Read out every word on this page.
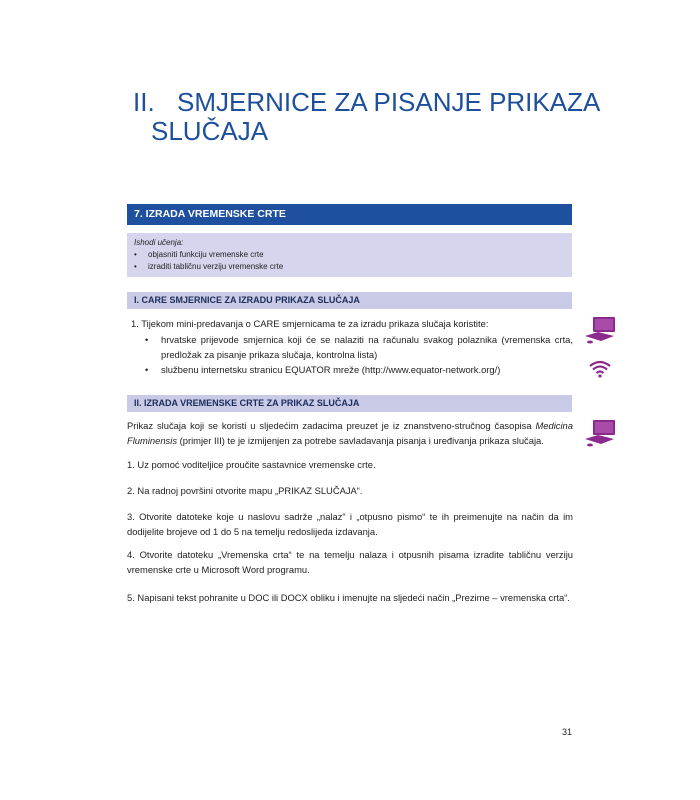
II. SMJERNICE ZA PISANJE PRIKAZA
SLUČAJA
7. IZRADA VREMENSKE CRTE
Ishodi učenja:
• objasniti funkciju vremenske crte
• izraditi tabličnu verziju vremenske crte
I. CARE SMJERNICE ZA IZRADU PRIKAZA SLUČAJA
1. Tijekom mini-predavanja o CARE smjernicama te za izradu prikaza slučaja koristite:
•	hrvatske prijevode smjernica koji će se nalaziti na računalu svakog polaznika (vremenska crta, predložak za pisanje prikaza slučaja, kontrolna lista)
•	službenu internetsku stranicu EQUATOR mreže (http://www.equator-network.org/)
II. IZRADA VREMENSKE CRTE ZA PRIKAZ SLUČAJA
Prikaz slučaja koji se koristi u sljedećim zadacima preuzet je iz znanstveno-stručnog časopisa Medicina Fluminensis (primjer III) te je izmijenjen za potrebe savladavanja pisanja i uređivanja prikaza slučaja.
1. Uz pomoć voditeljice proučite sastavnice vremenske crte.
2. Na radnoj površini otvorite mapu „PRIKAZ SLUČAJA“.
3. Otvorite datoteke koje u naslovu sadrže „nalaz“ i „otpusno pismo“ te ih preimenujte na način da im dodijelite brojeve od 1 do 5 na temelju redoslijeda izdavanja.
4. Otvorite datoteku „Vremenska crta“ te na temelju nalaza i otpusnih pisama izradite tabličnu verziju vremenske crte u Microsoft Word programu.
5. Napisani tekst pohranite u DOC ili DOCX obliku i imenujte na sljedeći način „Prezime – vremenska crta“.
31
